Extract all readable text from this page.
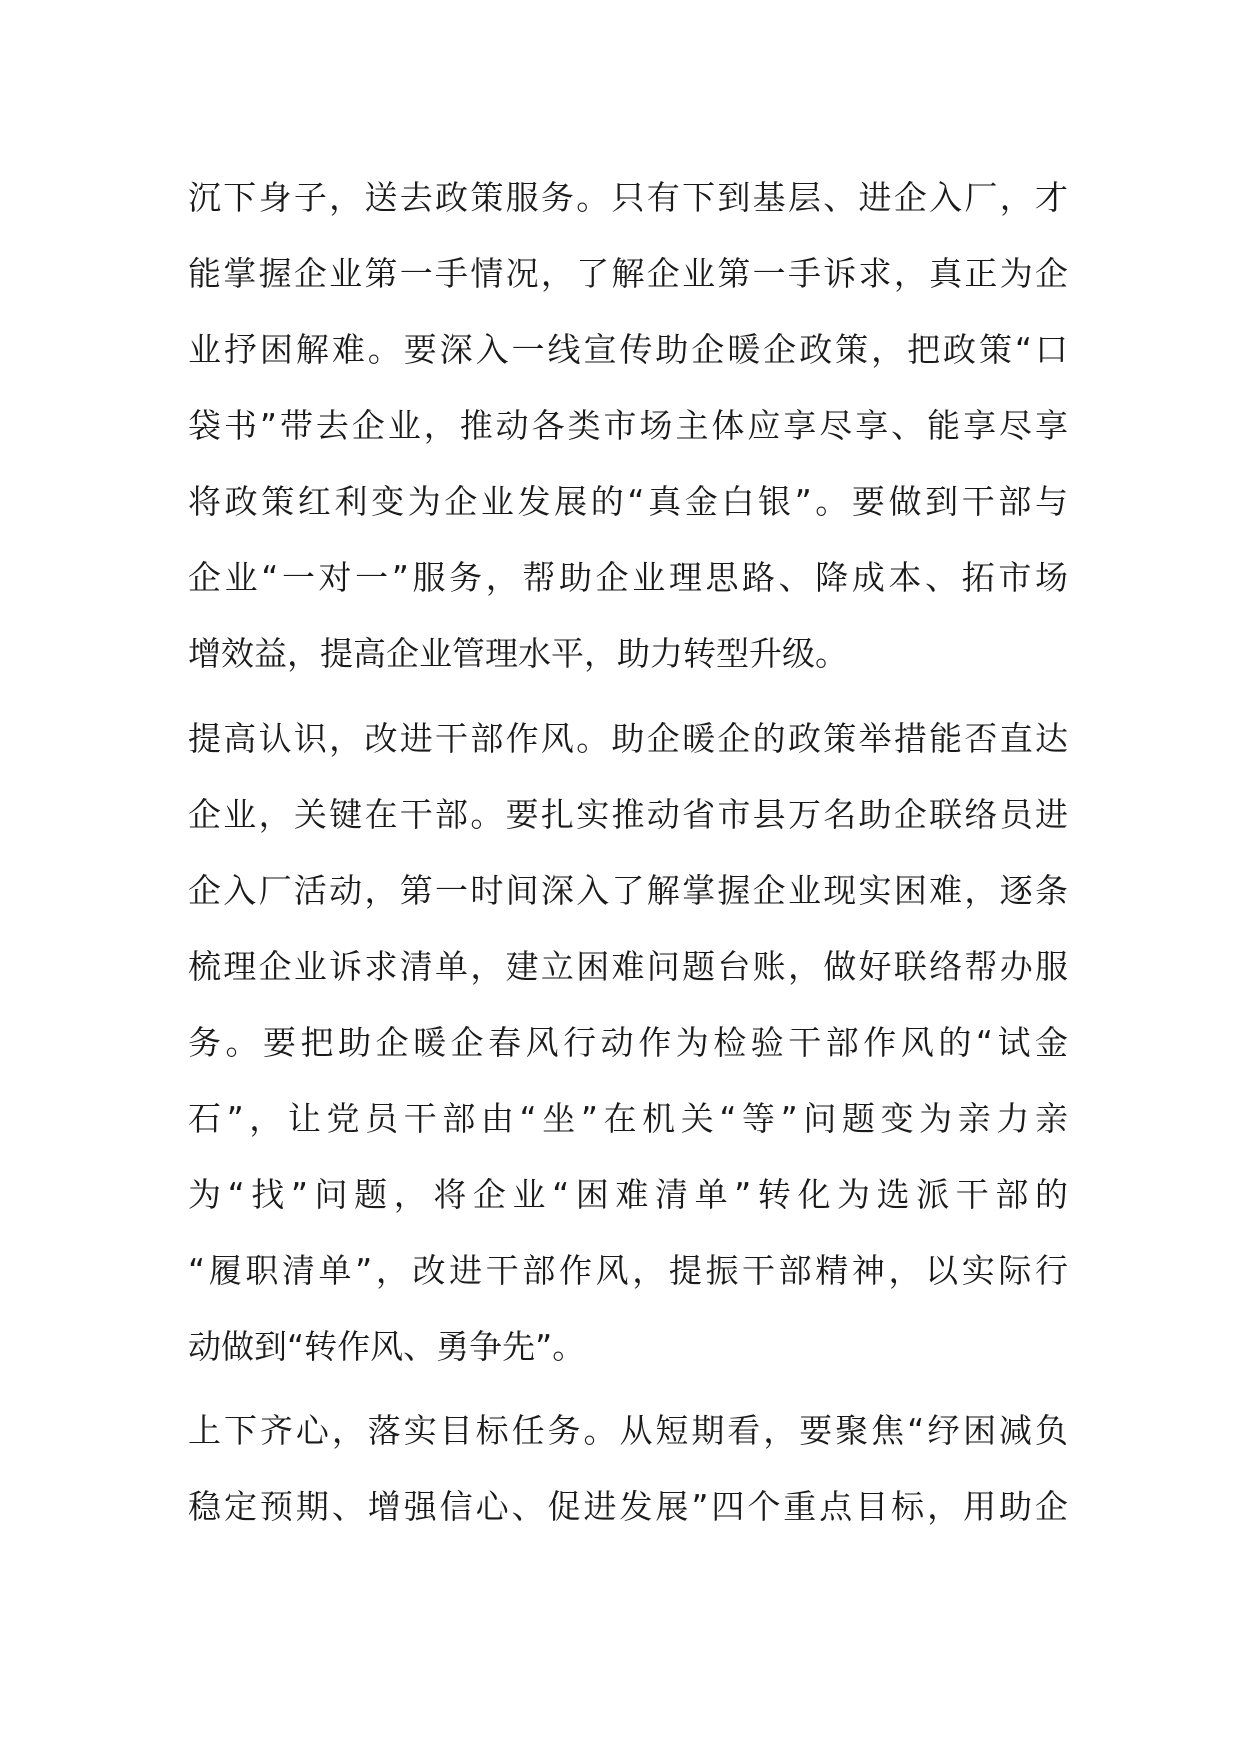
沉下身子，送去政策服务。只有下到基层、进企入厂，才
能掌握企业第一手情况，了解企业第一手诉求，真正为企
业抒困解难。要深入一线宣传助企暖企政策，把政策“口
袋书”带去企业，推动各类市场主体应享尽享、能享尽享
将政策红利变为企业发展的“真金白银”。要做到干部与
企业“一对一”服务，帮助企业理思路、降成本、拓市场
增效益，提高企业管理水平，助力转型升级。
提高认识，改进干部作风。助企暖企的政策举措能否直达
企业，关键在干部。要扎实推动省市县万名助企联络员进
企入厂活动，第一时间深入了解掌握企业现实困难，逐条
梳理企业诉求清单，建立困难问题台账，做好联络帮办服
务。要把助企暖企春风行动作为检验干部作风的“试金
石”，让党员干部由“坐”在机关“等”问题变为亲力亲
为“找”问题，将企业“困难清单”转化为选派干部的
“履职清单”，改进干部作风，提振干部精神，以实际行
动做到“转作风、勇争先”。
上下齐心，落实目标任务。从短期看，要聚焦“纾困减负
稳定预期、增强信心、促进发展”四个重点目标，用助企
